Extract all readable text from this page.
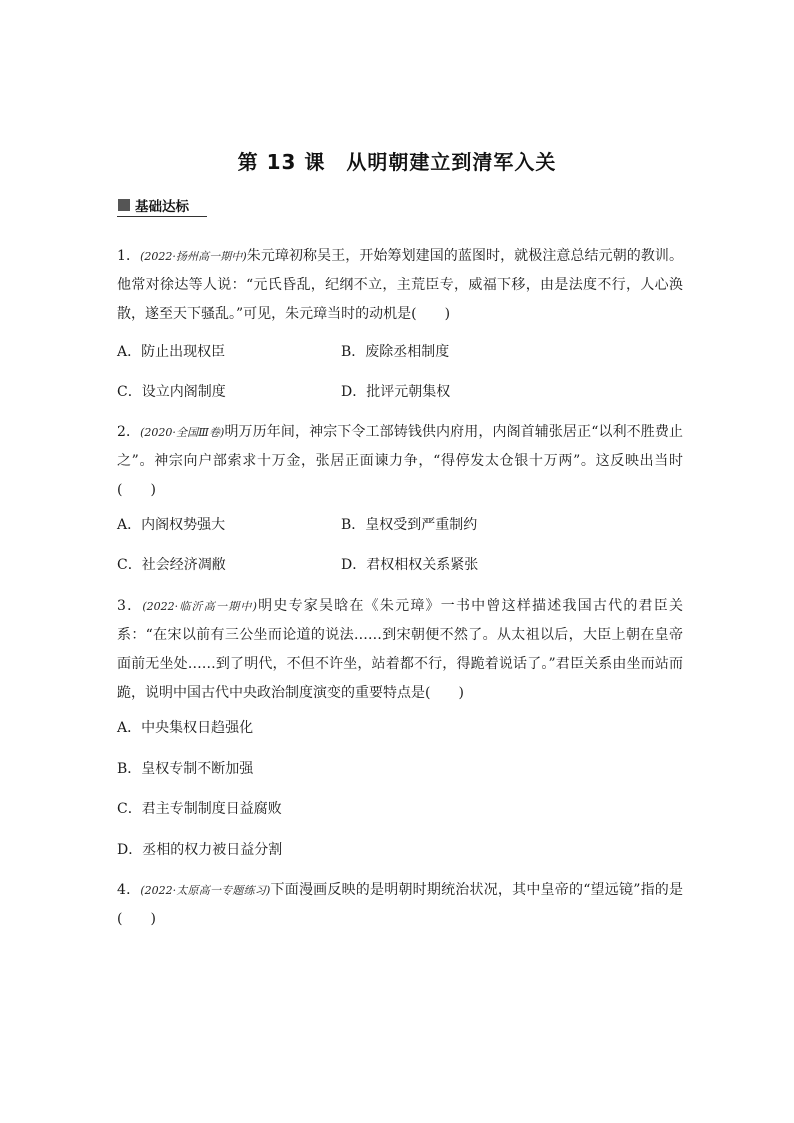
第 13 课　从明朝建立到清军入关
基础达标
1．(2022·扬州高一期中)朱元璋初称吴王，开始筹划建国的蓝图时，就极注意总结元朝的教训。他常对徐达等人说：“元氏昏乱，纪纲不立，主荒臣专，威福下移，由是法度不行，人心涣散，遂至天下骚乱。”可见，朱元璋当时的动机是(　　)
A．防止出现权臣	B．废除丞相制度
C．设立内阁制度	D．批评元朝集权
2．(2020·全国Ⅲ卷)明万历年间，神宗下令工部铸钱供内府用，内阁首辅张居正“以利不胜费止之”。神宗向户部索求十万金，张居正面谏力争，“得停发太仓银十万两”。这反映出当时(　　)
A．内阁权势强大	B．皇权受到严重制约
C．社会经济凋敝	D．君权相权关系紧张
3．(2022·临沂高一期中)明史专家吴晗在《朱元璋》一书中曾这样描述我国古代的君臣关系：“在宋以前有三公坐而论道的说法……到宋朝便不然了。从太祖以后，大臣上朝在皇帝面前无坐处……到了明代，不但不许坐，站着都不行，得跪着说话了。”君臣关系由坐而站而跪，说明中国古代中央政治制度演变的重要特点是(　　)
A．中央集权日趋强化
B．皇权专制不断加强
C．君主专制制度日益腐败
D．丞相的权力被日益分割
4．(2022·太原高一专题练习)下面漫画反映的是明朝时期统治状况，其中皇帝的“望远镜”指的是(　　)
